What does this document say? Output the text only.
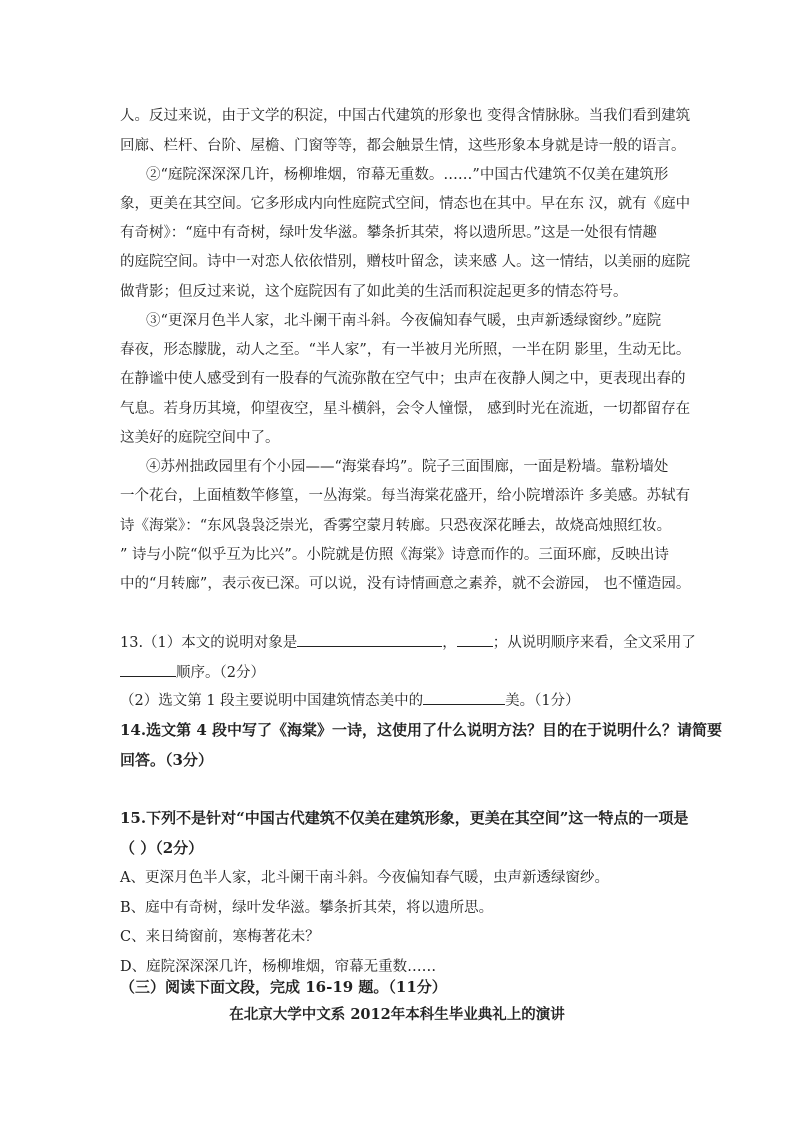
人。反过来说，由于文学的积淀，中国古代建筑的形象也 变得含情脉脉。当我们看到建筑
回廊、栏杆、台阶、屋檐、门窗等等，都会触景生情，这些形象本身就是诗一般的语言。
②“庭院深深深几许，杨柳堆烟，帘幕无重数。……”中国古代建筑不仅美在建筑形
象，更美在其空间。它多形成内向性庭院式空间，情态也在其中。早在东 汉，就有《庭中
有奇树》：“庭中有奇树，绿叶发华滋。攀条折其荣，将以遗所思。”这是一处很有情趣
的庭院空间。诗中一对恋人依依惜别，赠枝叶留念，读来感 人。这一情结，以美丽的庭院
做背影；但反过来说，这个庭院因有了如此美的生活而积淀起更多的情态符号。
③“更深月色半人家，北斗阑干南斗斜。今夜偏知春气暖，虫声新透绿窗纱。”庭院
春夜，形态朦胧，动人之至。“半人家”，有一半被月光所照，一半在阴 影里，生动无比。
在静谧中使人感受到有一股春的气流弥散在空气中；虫声在夜静人阒之中，更表现出春的
气息。若身历其境，仰望夜空，星斗横斜，会令人憧憬， 感到时光在流逝，一切都留存在
这美好的庭院空间中了。
④苏州拙政园里有个小园——“海棠春坞”。院子三面围廊，一面是粉墙。靠粉墙处
一个花台，上面植数竿修篁，一丛海棠。每当海棠花盛开，给小院增添许 多美感。苏轼有
诗《海棠》：“东风袅袅泛崇光，香雾空蒙月转廊。只恐夜深花睡去，故烧高烛照红妆。
” 诗与小院“似乎互为比兴”。小院就是仿照《海棠》诗意而作的。三面环廊，反映出诗
中的“月转廊”，表示夜已深。可以说，没有诗情画意之素养，就不会游园， 也不懂造园。
13.（1）本文的说明对象是	， ；从说明顺序来看，全文采用了
顺序。（2分）
（2）选文第 1 段主要说明中国建筑情态美中的	美。（1分）
14.选文第 4 段中写了《海棠》一诗，这使用了什么说明方法？目的在于说明什么？请简要
回答。（3分）
15.下列不是针对“中国古代建筑不仅美在建筑形象，更美在其空间”这一特点的一项是
（ ）（2分）
A、更深月色半人家，北斗阑干南斗斜。今夜偏知春气暖，虫声新透绿窗纱。
B、庭中有奇树，绿叶发华滋。攀条折其荣，将以遗所思。
C、来日绮窗前，寒梅著花未？
D、庭院深深深几许，杨柳堆烟，帘幕无重数……
（三）阅读下面文段，完成 16-19 题。（11分）
在北京大学中文系 2012年本科生毕业典礼上的演讲
